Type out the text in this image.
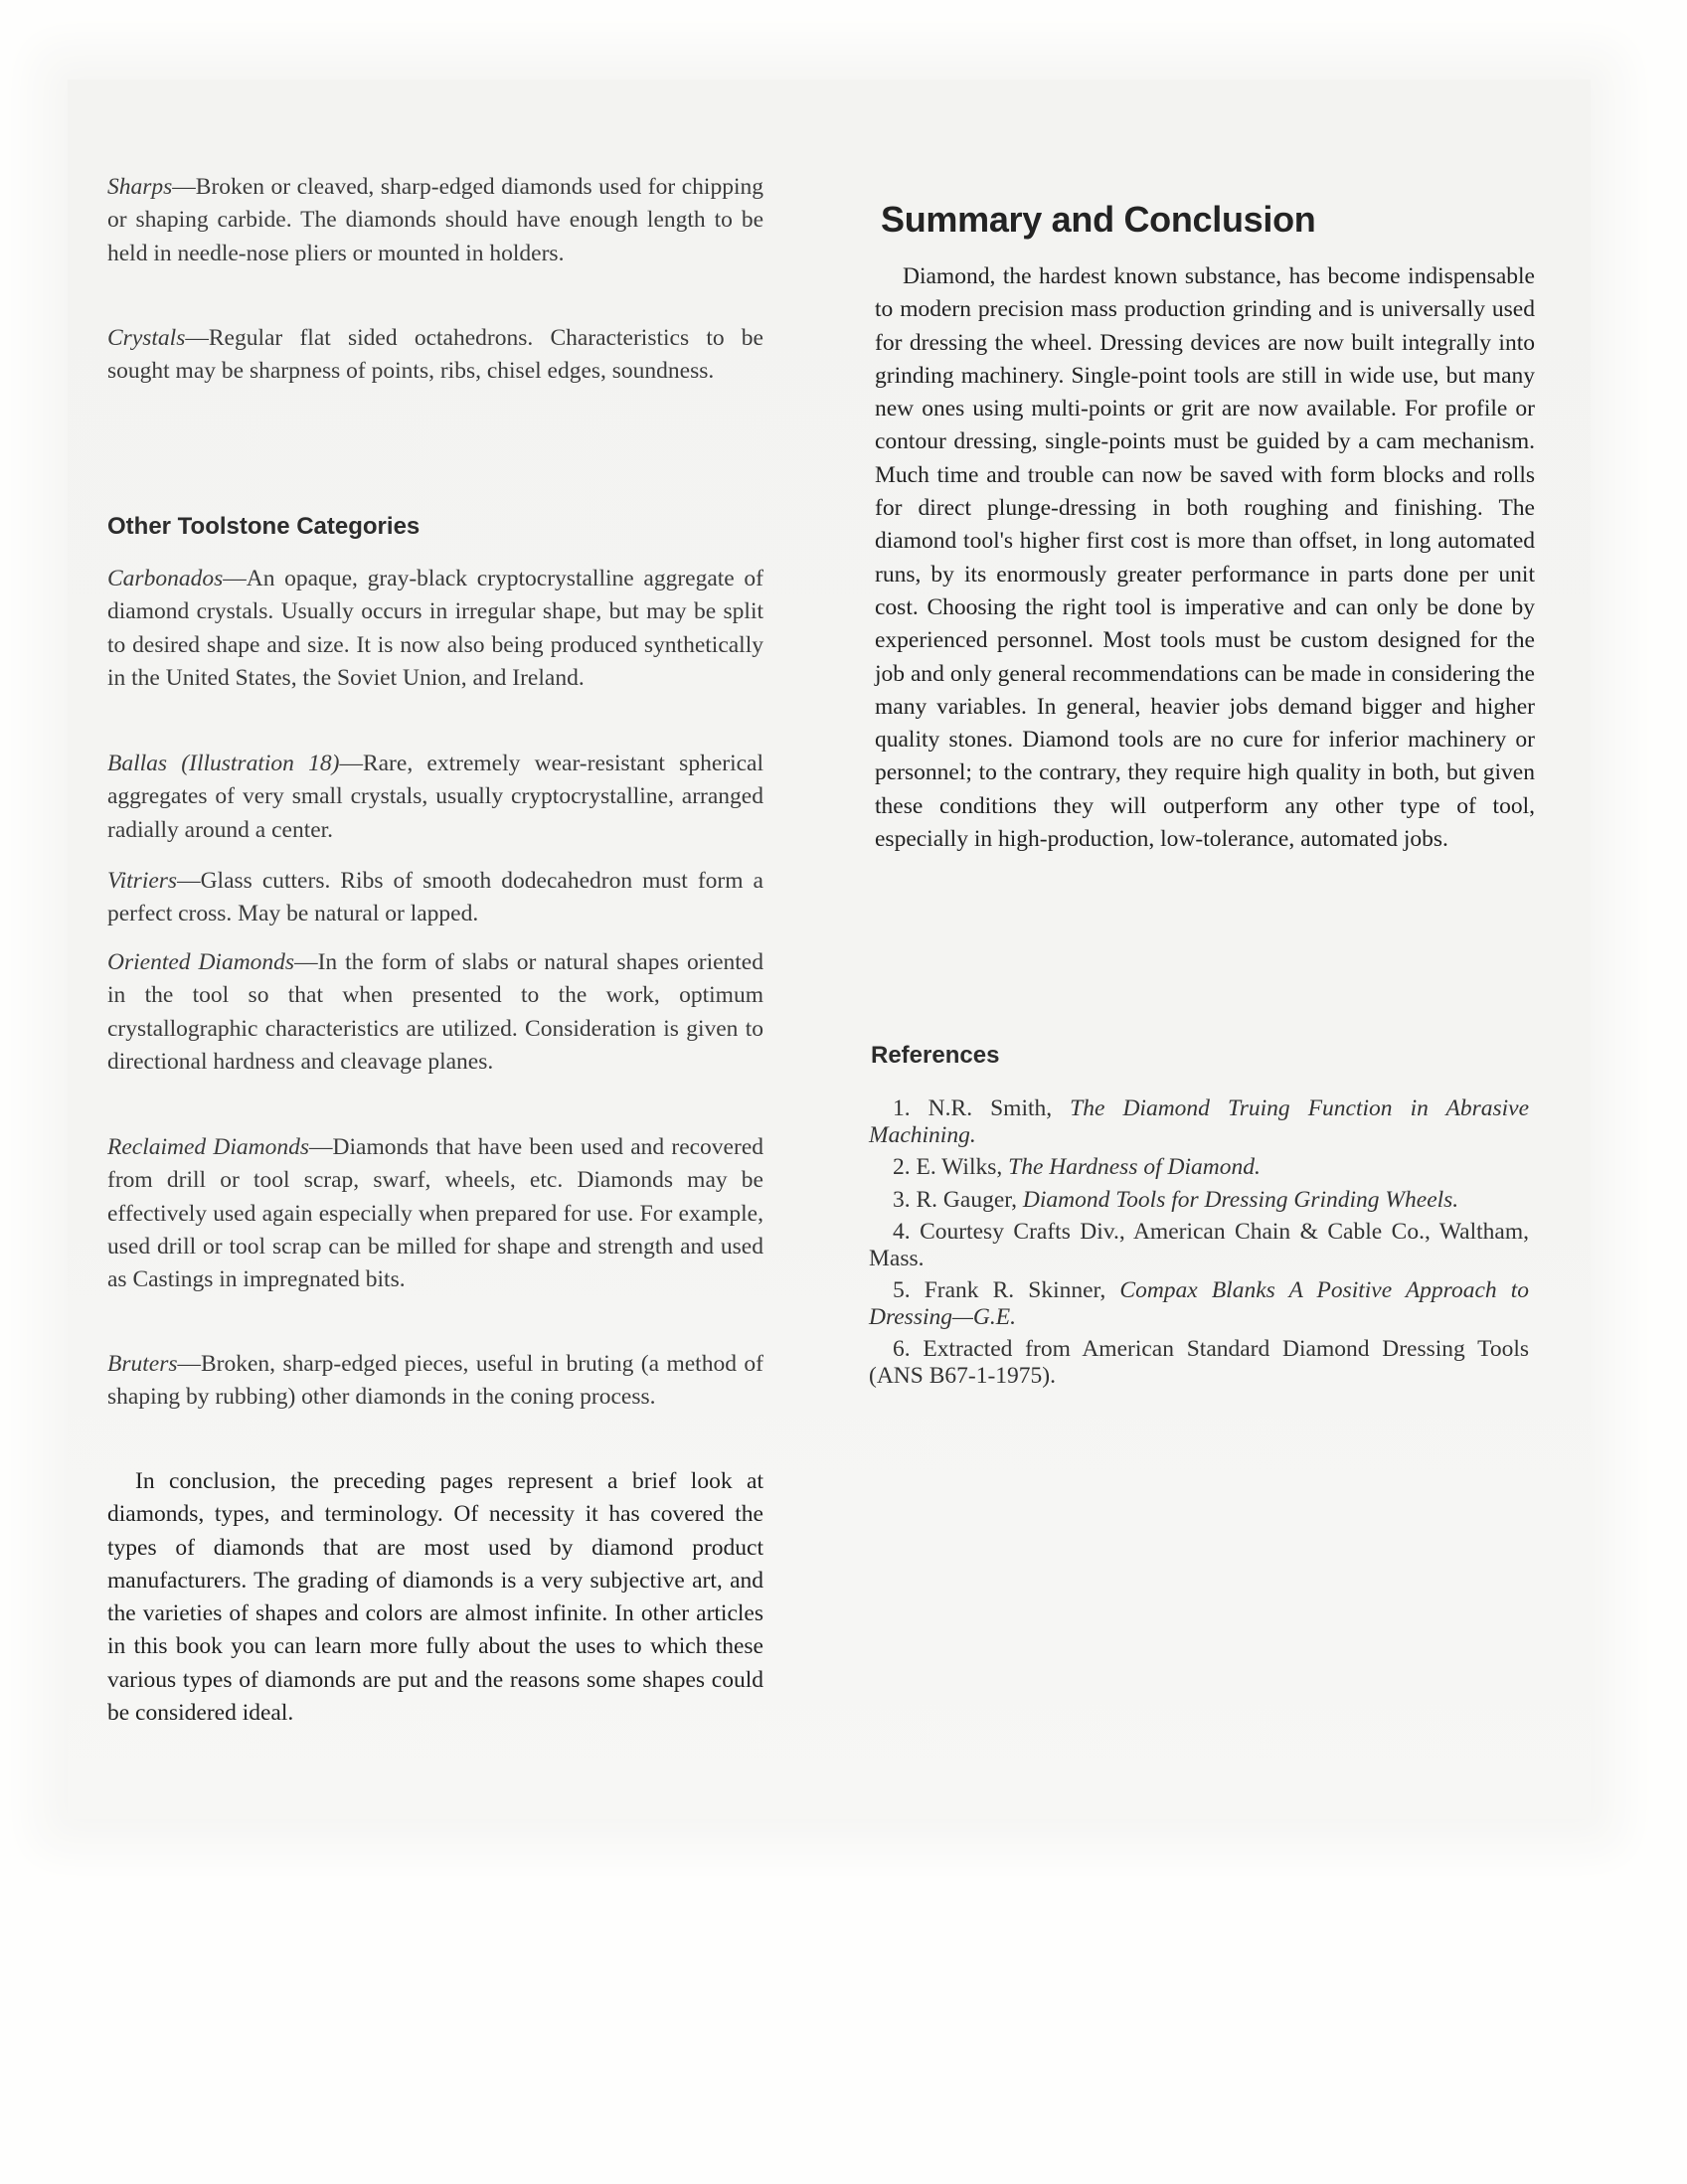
Sharps—Broken or cleaved, sharp-edged diamonds used for chipping or shaping carbide. The diamonds should have enough length to be held in needle-nose pliers or mounted in holders.

Crystals—Regular flat sided octahedrons. Characteristics to be sought may be sharpness of points, ribs, chisel edges, soundness.

Other Toolstone Categories

Carbonados—An opaque, gray-black cryptocrystalline aggregate of diamond crystals. Usually occurs in irregular shape, but may be split to desired shape and size. It is now also being produced synthetically in the United States, the Soviet Union, and Ireland.

Ballas (Illustration 18)—Rare, extremely wear-resistant spherical aggregates of very small crystals, usually cryptocrystalline, arranged radially around a center.

Vitriers—Glass cutters. Ribs of smooth dodecahedron must form a perfect cross. May be natural or lapped.

Oriented Diamonds—In the form of slabs or natural shapes oriented in the tool so that when presented to the work, optimum crystallographic characteristics are utilized. Consideration is given to directional hardness and cleavage planes.

Reclaimed Diamonds—Diamonds that have been used and recovered from drill or tool scrap, swarf, wheels, etc. Diamonds may be effectively used again especially when prepared for use. For example, used drill or tool scrap can be milled for shape and strength and used as Castings in impregnated bits.

Bruters—Broken, sharp-edged pieces, useful in bruting (a method of shaping by rubbing) other diamonds in the coning process.

In conclusion, the preceding pages represent a brief look at diamonds, types, and terminology. Of necessity it has covered the types of diamonds that are most used by diamond product manufacturers. The grading of diamonds is a very subjective art, and the varieties of shapes and colors are almost infinite. In other articles in this book you can learn more fully about the uses to which these various types of diamonds are put and the reasons some shapes could be considered ideal.

Summary and Conclusion

Diamond, the hardest known substance, has become indispensable to modern precision mass production grinding and is universally used for dressing the wheel. Dressing devices are now built integrally into grinding machinery. Single-point tools are still in wide use, but many new ones using multi-points or grit are now available. For profile or contour dressing, single-points must be guided by a cam mechanism. Much time and trouble can now be saved with form blocks and rolls for direct plunge-dressing in both roughing and finishing. The diamond tool's higher first cost is more than offset, in long automated runs, by its enormously greater performance in parts done per unit cost. Choosing the right tool is imperative and can only be done by experienced personnel. Most tools must be custom designed for the job and only general recommendations can be made in considering the many variables. In general, heavier jobs demand bigger and higher quality stones. Diamond tools are no cure for inferior machinery or personnel; to the contrary, they require high quality in both, but given these conditions they will outperform any other type of tool, especially in high-production, low-tolerance, automated jobs.

References
1. N.R. Smith, The Diamond Truing Function in Abrasive Machining.
2. E. Wilks, The Hardness of Diamond.
3. R. Gauger, Diamond Tools for Dressing Grinding Wheels.
4. Courtesy Crafts Div., American Chain & Cable Co., Waltham, Mass.
5. Frank R. Skinner, Compax Blanks A Positive Approach to Dressing—G.E.
6. Extracted from American Standard Diamond Dressing Tools (ANS B67-1-1975).
